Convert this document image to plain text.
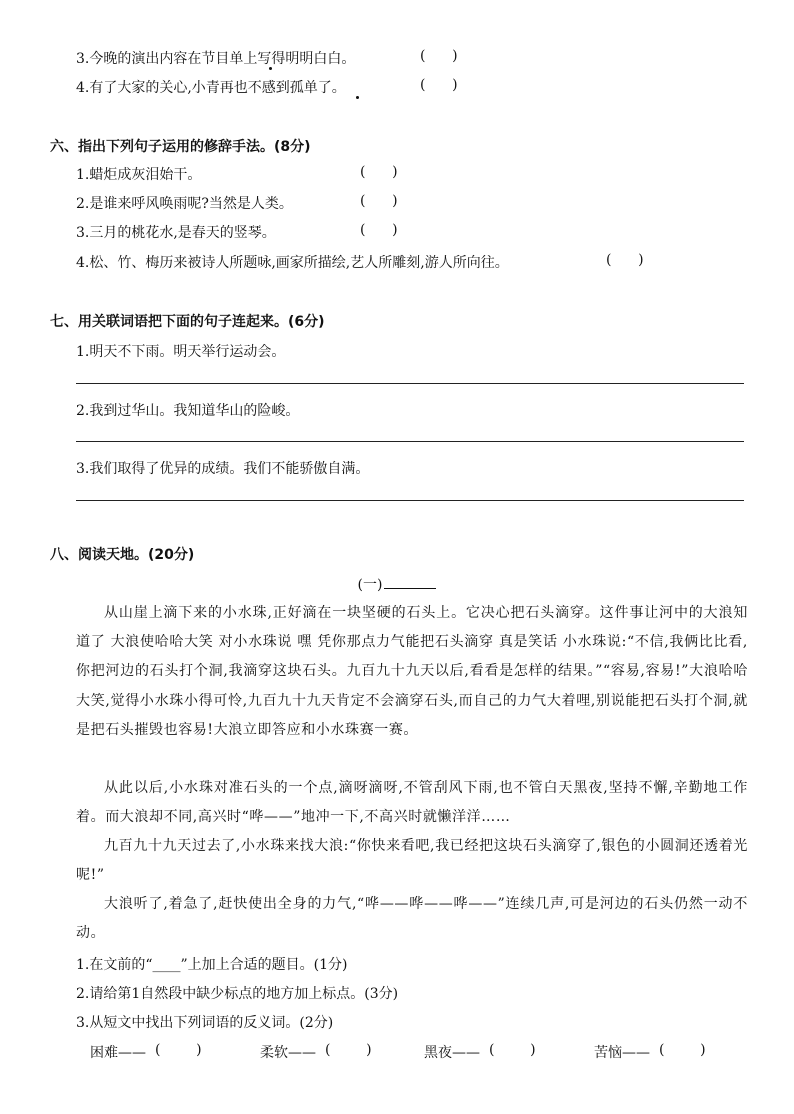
3.今晚的演出内容在节目单上写得明明白白。	(      )
4.有了大家的关心,小青再也不感到孤单了。	(      )
六、指出下列句子运用的修辞手法。(8分)
1.蜡炬成灰泪始干。	(      )
2.是谁来呼风唤雨呢?当然是人类。	(      )
3.三月的桃花水,是春天的竖琴。	(      )
4.松、竹、梅历来被诗人所题咏,画家所描绘,艺人所雕刻,游人所向往。	(      )
七、用关联词语把下面的句子连起来。(6分)
1.明天不下雨。明天举行运动会。
2.我到过华山。我知道华山的险峻。
3.我们取得了优异的成绩。我们不能骄傲自满。
八、阅读天地。(20分)
(一)
从山崖上滴下来的小水珠,正好滴在一块坚硬的石头上。它决心把石头滴穿。这件事让河中的大浪知道了 大浪使哈哈大笑 对小水珠说 嘿 凭你那点力气能把石头滴穿 真是笑话 小水珠说:“不信,我俩比比看,你把河边的石头打个洞,我滴穿这块石头。九百九十九天以后,看看是怎样的结果。”“容易,容易!”大浪哈哈大笑,觉得小水珠小得可怜,九百九十九天肯定不会滴穿石头,而自己的力气大着哩,别说能把石头打个洞,就是把石头摧毁也容易!大浪立即答应和小水珠赛一赛。
从此以后,小水珠对准石头的一个点,滴呀滴呀,不管刮风下雨,也不管白天黑夜,坚持不懈,辛勤地工作着。而大浪却不同,高兴时“哗——”地冲一下,不高兴时就懒洋洋……
九百九十九天过去了,小水珠来找大浪:“你快来看吧,我已经把这块石头滴穿了,银色的小圆洞还透着光呢!”
大浪听了,着急了,赶快使出全身的力气,“哗——哗——哗——”连续几声,可是河边的石头仍然一动不动。
1.在文前的“____”上加上合适的题目。(1分)
2.请给第1自然段中缺少标点的地方加上标点。(3分)
3.从短文中找出下列词语的反义词。(2分)
困难—— (        )	柔软—— (        )	黑夜—— (        )	苦恼—— (        )
